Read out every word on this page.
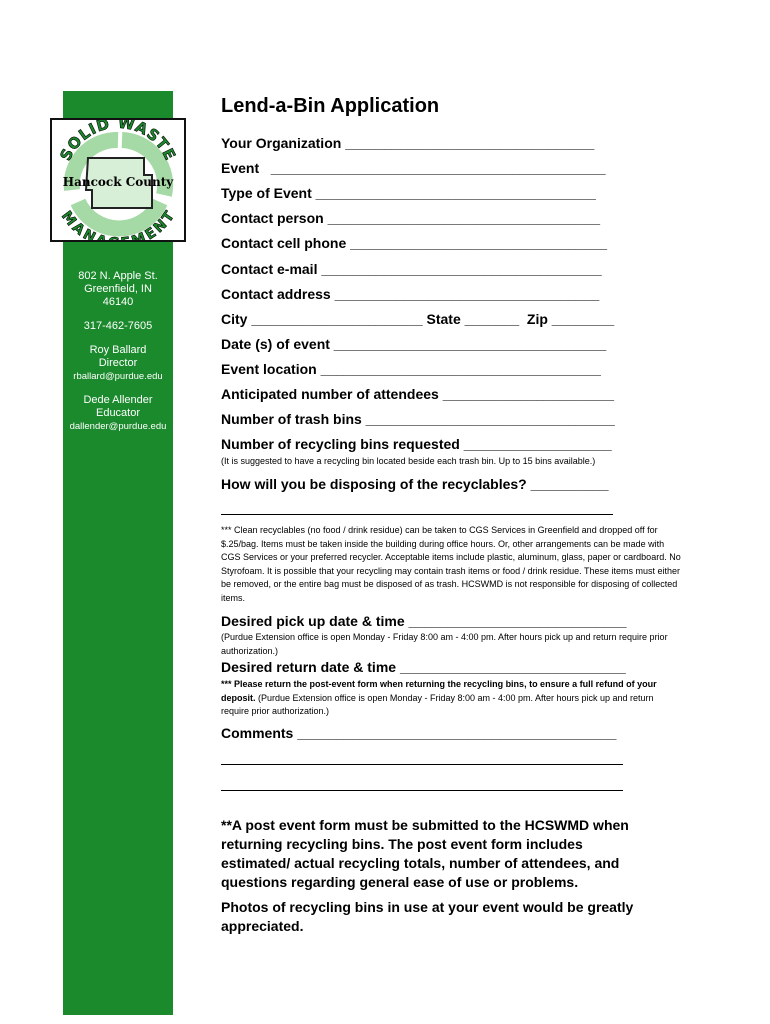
SOLID WASTE
MAN MENT
Hancock County
802 N. Apple St.
Greenfield, IN
46140
317-462-7605
Roy Ballard
Director
rballard@purdue.edu
Dede Allender
Educator
dallender@purdue.edu
Lend-a-Bin Application
Your Organization ________________________________
Event   ___________________________________________
Type of Event ____________________________________
Contact person ___________________________________
Contact cell phone _________________________________
Contact e-mail ____________________________________
Contact address __________________________________
City ______________________ State _______  Zip ________
Date (s) of event ___________________________________
Event location ____________________________________
Anticipated number of attendees ______________________
Number of trash bins ________________________________
Number of recycling bins requested ___________________
(It is suggested to have a recycling bin located beside each trash bin. Up to 15 bins available.)
How will you be disposing of the recyclables? __________
*** Clean recyclables (no food / drink residue) can be taken to CGS Services in Greenfield and dropped off for $.25/bag. Items must be taken inside the building during office hours. Or, other arrangements can be made with CGS Services or your preferred recycler. Acceptable items include plastic, aluminum, glass, paper or cardboard. No Styrofoam. It is possible that your recycling may contain trash items or food / drink residue. These items must either be removed, or the entire bag must be disposed of as trash. HCSWMD is not responsible for disposing of collected items.
Desired pick up date & time ____________________________
(Purdue Extension office is open Monday - Friday 8:00 am - 4:00 pm. After hours pick up and return require prior authorization.)
Desired return date & time _____________________________
*** Please return the post-event form when returning the recycling bins, to ensure a full refund of your deposit. (Purdue Extension office is open Monday - Friday 8:00 am - 4:00 pm. After hours pick up and return require prior authorization.)
Comments _________________________________________
**A post event form must be submitted to the HCSWMD when returning recycling bins. The post event form includes estimated/ actual recycling totals, number of attendees, and questions regarding general ease of use or problems.
Photos of recycling bins in use at your event would be greatly appreciated.
